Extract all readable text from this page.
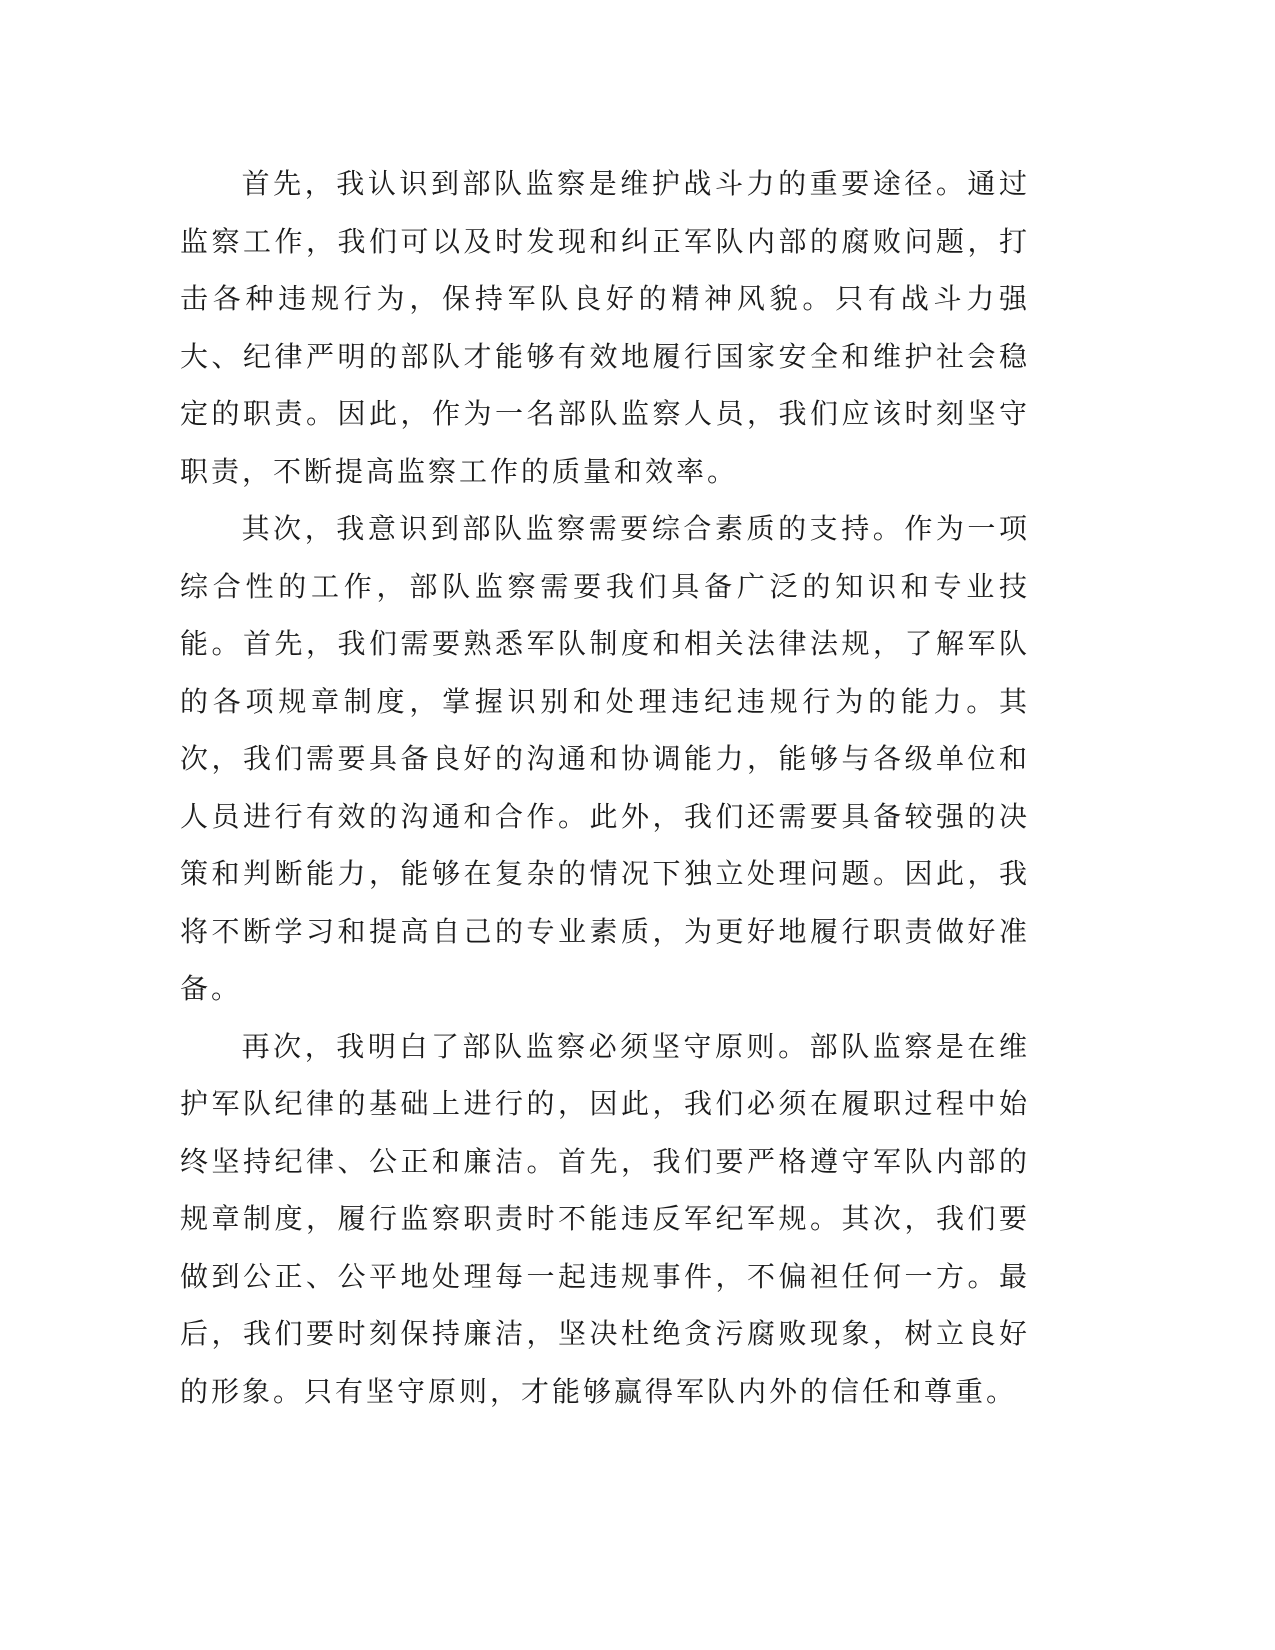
首先，我认识到部队监察是维护战斗力的重要途径。通过监察工作，我们可以及时发现和纠正军队内部的腐败问题，打击各种违规行为，保持军队良好的精神风貌。只有战斗力强大、纪律严明的部队才能够有效地履行国家安全和维护社会稳定的职责。因此，作为一名部队监察人员，我们应该时刻坚守职责，不断提高监察工作的质量和效率。

其次，我意识到部队监察需要综合素质的支持。作为一项综合性的工作，部队监察需要我们具备广泛的知识和专业技能。首先，我们需要熟悉军队制度和相关法律法规，了解军队的各项规章制度，掌握识别和处理违纪违规行为的能力。其次，我们需要具备良好的沟通和协调能力，能够与各级单位和人员进行有效的沟通和合作。此外，我们还需要具备较强的决策和判断能力，能够在复杂的情况下独立处理问题。因此，我将不断学习和提高自己的专业素质，为更好地履行职责做好准备。

再次，我明白了部队监察必须坚守原则。部队监察是在维护军队纪律的基础上进行的，因此，我们必须在履职过程中始终坚持纪律、公正和廉洁。首先，我们要严格遵守军队内部的规章制度，履行监察职责时不能违反军纪军规。其次，我们要做到公正、公平地处理每一起违规事件，不偏袒任何一方。最后，我们要时刻保持廉洁，坚决杜绝贪污腐败现象，树立良好的形象。只有坚守原则，才能够赢得军队内外的信任和尊重。
